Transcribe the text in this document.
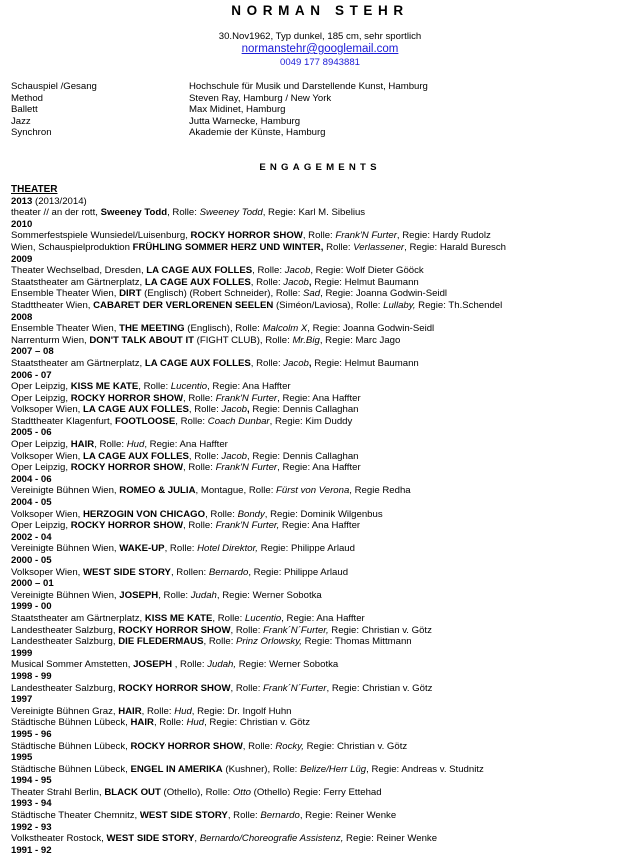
NORMAN STEHR
30.Nov1962, Typ dunkel, 185 cm, sehr sportlich
normanstehr@googlemail.com
0049 177 8943881
Schauspiel /Gesang	Hochschule für Musik und Darstellende Kunst, Hamburg
Method	Steven Ray, Hamburg / New York
Ballett	Max Midinet, Hamburg
Jazz	Jutta Warnecke, Hamburg
Synchron	Akademie der Künste, Hamburg
ENGAGEMENTS
THEATER
2013 (2013/2014)
theater // an der rott, Sweeney Todd, Rolle: Sweeney Todd, Regie: Karl M. Sibelius
2010
Sommerfestspiele Wunsiedel/Luisenburg, ROCKY HORROR SHOW, Rolle: Frank'N Furter, Regie: Hardy Rudolz
Wien, Schauspielproduktion FRÜHLING SOMMER HERZ UND WINTER, Rolle: Verlassener, Regie: Harald Buresch
2009
Theater Wechselbad, Dresden, LA CAGE AUX FOLLES, Rolle: Jacob, Regie: Wolf Dieter Gööck
Staatstheater am Gärtnerplatz, LA CAGE AUX FOLLES, Rolle: Jacob, Regie: Helmut Baumann
Ensemble Theater Wien, DIRT (Englisch) (Robert Schneider), Rolle: Sad, Regie: Joanna Godwin-Seidl
Stadttheater Wien, CABARET DER VERLORENEN SEELEN (Siméon/Laviosa), Rolle: Lullaby, Regie: Th.Schendel
2008
Ensemble Theater Wien, THE MEETING (Englisch), Rolle: Malcolm X, Regie: Joanna Godwin-Seidl
Narrenturm Wien, DON'T TALK ABOUT IT (FIGHT CLUB), Rolle: Mr.Big, Regie: Marc Jago
2007 – 08
Staatstheater am Gärtnerplatz, LA CAGE AUX FOLLES, Rolle: Jacob, Regie: Helmut Baumann
2006 - 07
Oper Leipzig, KISS ME KATE, Rolle: Lucentio, Regie: Ana Haffter
Oper Leipzig, ROCKY HORROR SHOW, Rolle: Frank'N Furter, Regie: Ana Haffter
Volksoper Wien, LA CAGE AUX FOLLES, Rolle: Jacob, Regie: Dennis Callaghan
Stadttheater Klagenfurt, FOOTLOOSE, Rolle: Coach Dunbar, Regie: Kim Duddy
2005 - 06
Oper Leipzig, HAIR, Rolle: Hud, Regie: Ana Haffter
Volksoper Wien, LA CAGE AUX FOLLES, Rolle: Jacob, Regie: Dennis Callaghan
Oper Leipzig, ROCKY HORROR SHOW, Rolle: Frank'N Furter, Regie: Ana Haffter
2004 - 06
Vereinigte Bühnen Wien, ROMEO & JULIA, Montague, Rolle: Fürst von Verona, Regie Redha
2004 - 05
Volksoper Wien, HERZOGIN VON CHICAGO, Rolle: Bondy, Regie: Dominik Wilgenbus
Oper Leipzig, ROCKY HORROR SHOW, Rolle: Frank'N Furter, Regie: Ana Haffter
2002 - 04
Vereinigte Bühnen Wien, WAKE-UP, Rolle: Hotel Direktor, Regie: Philippe Arlaud
2000 - 05
Volksoper Wien, WEST SIDE STORY, Rollen: Bernardo, Regie: Philippe Arlaud
2000 – 01
Vereinigte Bühnen Wien, JOSEPH, Rolle: Judah, Regie: Werner Sobotka
1999 - 00
Staatstheater am Gärtnerplatz, KISS ME KATE, Rolle: Lucentio, Regie: Ana Haffter
Landestheater Salzburg, ROCKY HORROR SHOW, Rolle: Frank´N´Furter, Regie: Christian v. Götz
Landestheater Salzburg, DIE FLEDERMAUS, Rolle: Prinz Orlowsky, Regie: Thomas Mittmann
1999
Musical Sommer Amstetten, JOSEPH , Rolle: Judah, Regie: Werner Sobotka
1998 - 99
Landestheater Salzburg, ROCKY HORROR SHOW, Rolle: Frank´N´Furter, Regie: Christian v. Götz
1997
Vereinigte Bühnen Graz, HAIR, Rolle: Hud, Regie: Dr. Ingolf Huhn
Städtische Bühnen Lübeck, HAIR, Rolle: Hud, Regie: Christian v. Götz
1995 - 96
Städtische Bühnen Lübeck, ROCKY HORROR SHOW, Rolle: Rocky, Regie: Christian v. Götz
1995
Städtische Bühnen Lübeck, ENGEL IN AMERIKA (Kushner), Rolle: Belize/Herr Lüg, Regie: Andreas v. Studnitz
1994 - 95
Theater Strahl Berlin, BLACK OUT (Othello), Rolle: Otto (Othello) Regie: Ferry Ettehad
1993 - 94
Städtische Theater Chemnitz, WEST SIDE STORY, Rolle: Bernardo, Regie: Reiner Wenke
1992 - 93
Volkstheater Rostock, WEST SIDE STORY, Bernardo/Choreografie Assistenz, Regie: Reiner Wenke
1991 - 92
